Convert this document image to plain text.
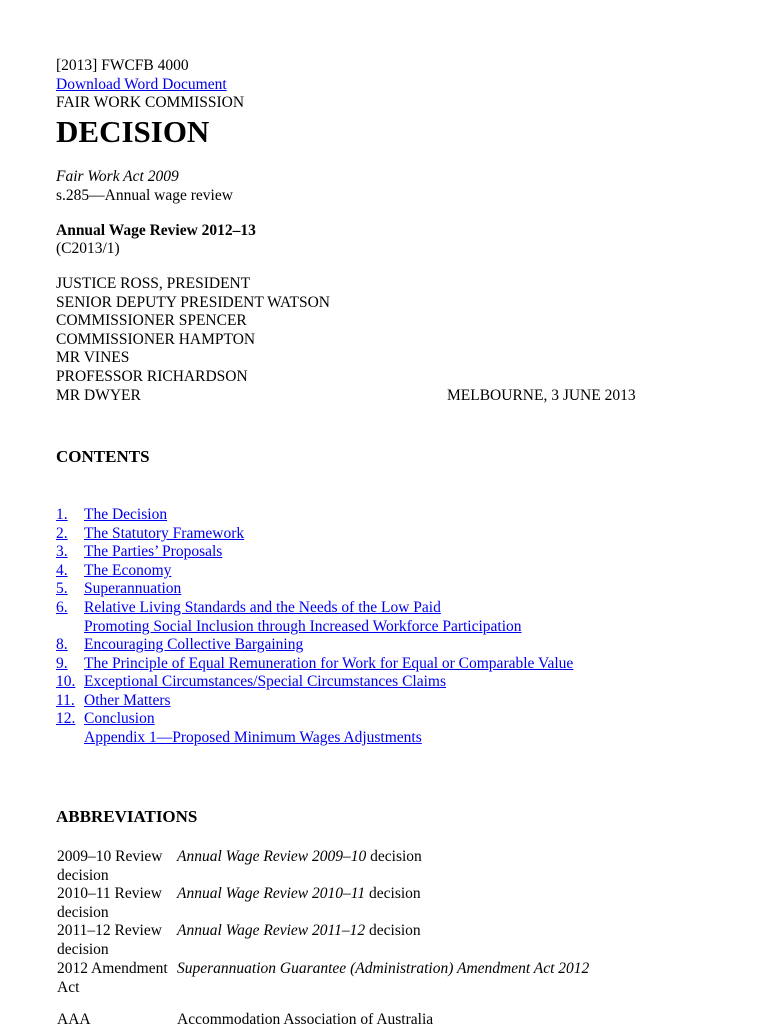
[2013] FWCFB 4000
Download Word Document
FAIR WORK COMMISSION
DECISION
Fair Work Act 2009
s.285—Annual wage review
Annual Wage Review 2012–13
(C2013/1)
JUSTICE ROSS, PRESIDENT
SENIOR DEPUTY PRESIDENT WATSON
COMMISSIONER SPENCER
COMMISSIONER HAMPTON
MR VINES
PROFESSOR RICHARDSON
MR DWYER	MELBOURNE, 3 JUNE 2013
CONTENTS
1. The Decision
2. The Statutory Framework
3. The Parties’ Proposals
4. The Economy
5. Superannuation
6. Relative Living Standards and the Needs of the Low Paid
Promoting Social Inclusion through Increased Workforce Participation
8. Encouraging Collective Bargaining
9. The Principle of Equal Remuneration for Work for Equal or Comparable Value
10. Exceptional Circumstances/Special Circumstances Claims
11. Other Matters
12. Conclusion
Appendix 1—Proposed Minimum Wages Adjustments
ABBREVIATIONS
2009–10 Review
decision
Annual Wage Review 2009–10 decision
2010–11 Review
decision
Annual Wage Review 2010–11 decision
2011–12 Review
decision
Annual Wage Review 2011–12 decision
2012 Amendment
Act
Superannuation Guarantee (Administration) Amendment Act 2012
AAA	Accommodation Association of Australia
